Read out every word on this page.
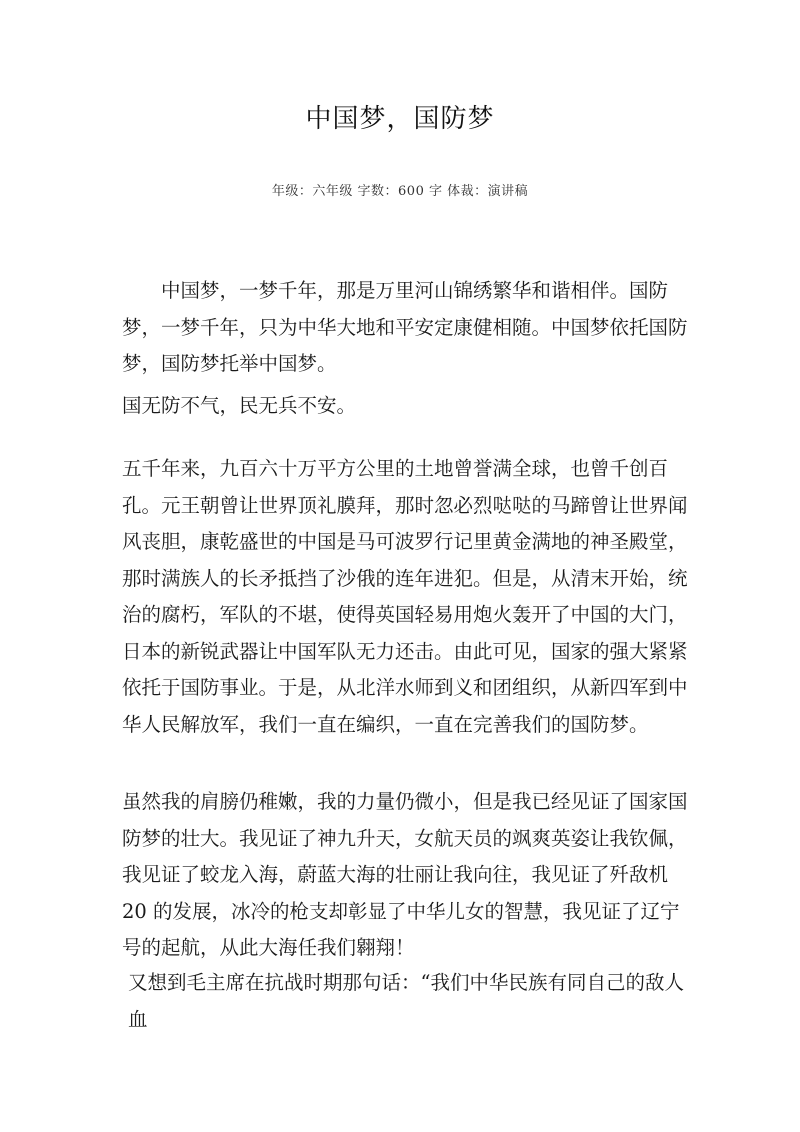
中国梦，国防梦
年级：六年级 字数：600 字 体裁：演讲稿

中国梦，一梦千年，那是万里河山锦绣繁华和谐相伴。国防梦，一梦千年，只为中华大地和平安定康健相随。中国梦依托国防梦，国防梦托举中国梦。

国无防不气，民无兵不安。

五千年来，九百六十万平方公里的土地曾誉满全球，也曾千创百孔。元王朝曾让世界顶礼膜拜，那时忽必烈哒哒的马蹄曾让世界闻风丧胆，康乾盛世的中国是马可波罗行记里黄金满地的神圣殿堂，那时满族人的长矛抵挡了沙俄的连年进犯。但是，从清末开始，统治的腐朽，军队的不堪，使得英国轻易用炮火轰开了中国的大门，日本的新锐武器让中国军队无力还击。由此可见，国家的强大紧紧依托于国防事业。于是，从北洋水师到义和团组织，从新四军到中华人民解放军，我们一直在编织，一直在完善我们的国防梦。

虽然我的肩膀仍稚嫩，我的力量仍微小，但是我已经见证了国家国防梦的壮大。我见证了神九升天，女航天员的飒爽英姿让我钦佩，我见证了蛟龙入海，蔚蓝大海的壮丽让我向往，我见证了歼敌机 20 的发展，冰冷的枪支却彰显了中华儿女的智慧，我见证了辽宁号的起航，从此大海任我们翱翔！

又想到毛主席在抗战时期那句话：“我们中华民族有同自己的敌人血
